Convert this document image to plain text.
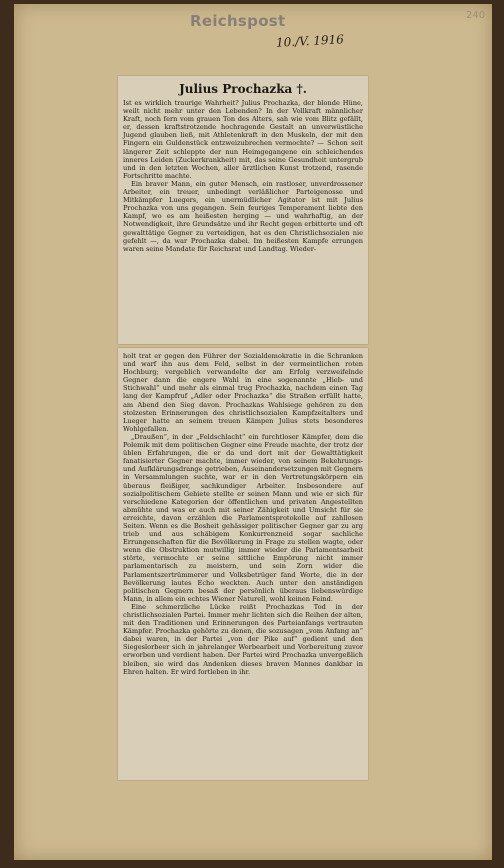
Reichspost
10./V. 1916
240
Julius Prochazka †.

Ist es wirklich traurige Wahrheit? Julius Prochazka, der blonde Hüne, weilt nicht mehr unter den Lebenden? In der Vollkraft männlicher Kraft, noch fern vom grauen Ton des Alters, sah wie vom Blitz gefällt, er, dessen kraftstrotzende hochragende Gestalt an unverwüstliche Jugend glauben ließ, mit Athletenkraft in den Muskeln, der mit den Fingern ein Guldenstück entzweizubrechen vermochte? — Schon seit längerer Zeit schleppte der nun Heimgegangene ein schleichendes inneres Leiden (Zuckerkrankheit) mit, das seine Gesundheit untergrub und in den letzten Wochen, aller ärztlichen Kunst trotzend, rasende Fortschritte machte.

Ein braver Mann, ein guter Mensch, ein rastloser, unverdrossener Arbeiter, ein treuer, unbedingt verläßlicher Parteigenosse und Mitkämpfer Luegers, ein unermüdlicher Agitator ist mit Julius Prochazka von uns gegangen. Sein feuriges Temperament liebte den Kampf, wo es am heißesten herging — und wahrhaftig, an der Notwendigkeit, ihre Grundsätze und ihr Recht gegen erbitterte und oft gewalttätige Gegner zu verteidigen, hat es den Christlichsozialen nie gefehlt —, da war Prochazka dabei. Im heißesten Kampfe errungen waren seine Mandate für Reichsrat und Landtag. Wieder-

holt trat er gegen den Führer der Sozialdemokratie in die Schranken und warf ihn aus dem Feld, selbst in der vermeintlichen roten Hochburg; vergeblich verwandelte der am Erfolg verzweifelnde Gegner dann die engere Wahl in eine sogenannte „Hieb- und Stichwahl“ und mehr als einmal trug Prochazka, nachdem einen Tag lang der Kampfruf „Adler oder Prochazka“ die Straßen erfüllt hatte, am Abend den Sieg davon. Prochazkas Wahlsiege gehören zu den stolzesten Erinnerungen des christlichsozialen Kampfzeitalters und Lueger hatte an seinem treuen Kämpen Julius stets besonderes Wohlgefallen.

„Draußen“, in der „Feldschlacht“ ein furchtloser Kämpfer, dem die Polemik mit dem politischen Gegner eine Freude machte, der trotz der üblen Erfahrungen, die er da und dort mit der Gewalttätigkeit fanatisierter Gegner machte, immer wieder, von seinem Bekehrungs- und Aufklärungsdrange getrieben, Auseinandersetzungen mit Gegnern in Versammlungen suchte, war er in den Vertretungskörpern ein überaus fleißiger, sachkundiger Arbeiter. Insbesondere auf sozialpolitischem Gebiete stellte er seinen Mann und wie er sich für verschiedene Kategorien der öffentlichen und privaten Angestellten abmühte und was er auch mit seiner Zähigkeit und Umsicht für sie erreichte, davon erzählen die Parlamentsprotokolle auf zahllosen Seiten. Wenn es die Bosheit gehässiger politischer Gegner gar zu arg trieb und aus schäbigem Konkurrenzneid sogar sachliche Errungenschaften für die Bevölkerung in Frage zu stellen wagte, oder wenn die Obstruktion mutwillig immer wieder die Parlamentsarbeit störte, vermochte er seine sittliche Empörung nicht immer parlamentarisch zu meistern, und sein Zorn wider die Parlamentszertrümmerer und Volksbetrüger fand Worte, die in der Bevölkerung lautes Echo weckten. Auch unter den anständigen politischen Gegnern besaß der persönlich überaus liebenswürdige Mann, in allem ein echtes Wiener Naturell, wohl keinen Feind.

Eine schmerzliche Lücke reißt Prochazkas Tod in der christlichsozialen Partei. Immer mehr lichten sich die Reihen der alten, mit den Traditionen und Erinnerungen des Parteianfangs vertrauten Kämpfer. Prochazka gehörte zu denen, die sozusagen „vom Anfang an“ dabei waren, in der Partei „von der Pike auf“ gedient und den Siegeslorbeer sich in jahrelanger Werbearbeit und Vorbereitung zuvor erworben und verdient haben. Der Partei wird Prochazka unvergeßlich bleiben, sie wird das Andenken dieses braven Mannes dankbar in Ehren halten. Er wird fortleben in ihr.
